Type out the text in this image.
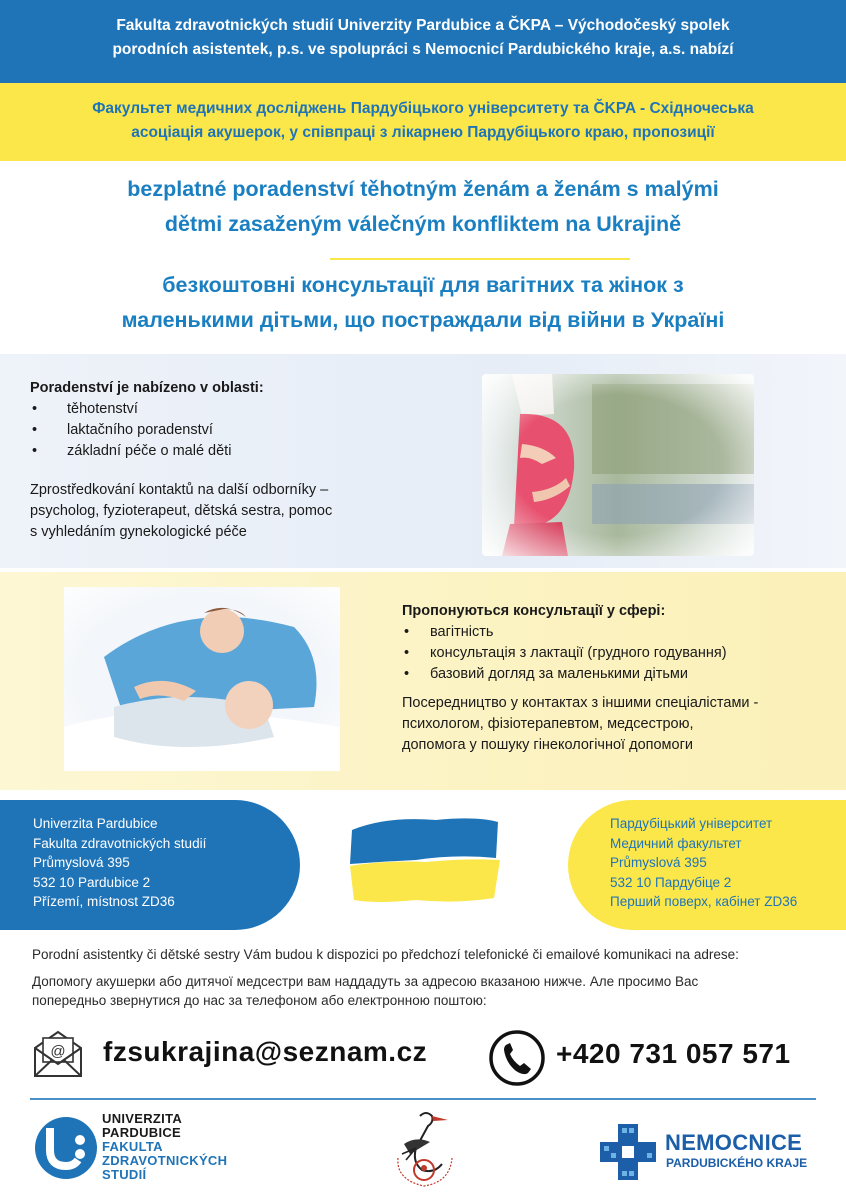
Fakulta zdravotnických studií Univerzity Pardubice a ČKPA – Východočeský spolek
porodních asistentek, p.s. ve spolupráci s Nemocnicí Pardubického kraje, a.s. nabízí
Факультет медичних досліджень Пардубіцького університету та ČKPA - Східночеська
асоціація акушерок, у співпраці з лікарнею Пардубіцького краю, пропозиції
bezplatné poradenství těhotným ženám a ženám s malými
dětmi zasaženým válečným konfliktem na Ukrajině
безкоштовні консультації для вагітних та жінок з
маленькими дітьми, що постраждали від війни в Україні
Poradenství je nabízeno v oblasti:
• těhotenství
• laktačního poradenství
• základní péče o malé děti
Zprostředkování kontaktů na další odborníky –
psycholog, fyzioterapeut, dětská sestra, pomoc
s vyhledáním gynekologické péče
Пропонуються консультації у сфері:
• вагітність
• консультація з лактації (грудного годування)
• базовий догляд за маленькими дітьми
Посередництво у контактах з іншими спеціалістами -
психологом, фізіотерапевтом, медсестрою,
допомога у пошуку гінекологічної допомоги
Univerzita Pardubice
Fakulta zdravotnických studií
Průmyslová 395
532 10 Pardubice 2
Přízemí, místnost ZD36
Пардубіцький університет
Медичний факультет
Průmyslová 395
532 10 Пардубіце 2
Перший поверх, кабінет ZD36
Porodní asistentky či dětské sestry Vám budou k dispozici po předchozí telefonické či emailové komunikaci na adrese:
Допомогу акушерки або дитячої медсестри вам наддадуть за адресою вказаною нижче. Але просимо Вас
попередньо звернутися до нас за телефоном або електронною поштою:
@ fzsukrajina@seznam.cz	+420 731 057 571
UNIVERZITA
PARDUBICE
FAKULTA
ZDRAVOTNICKÝCH
STUDIÍ
NEMOCNICE
PARDUBICKÉHO KRAJE
